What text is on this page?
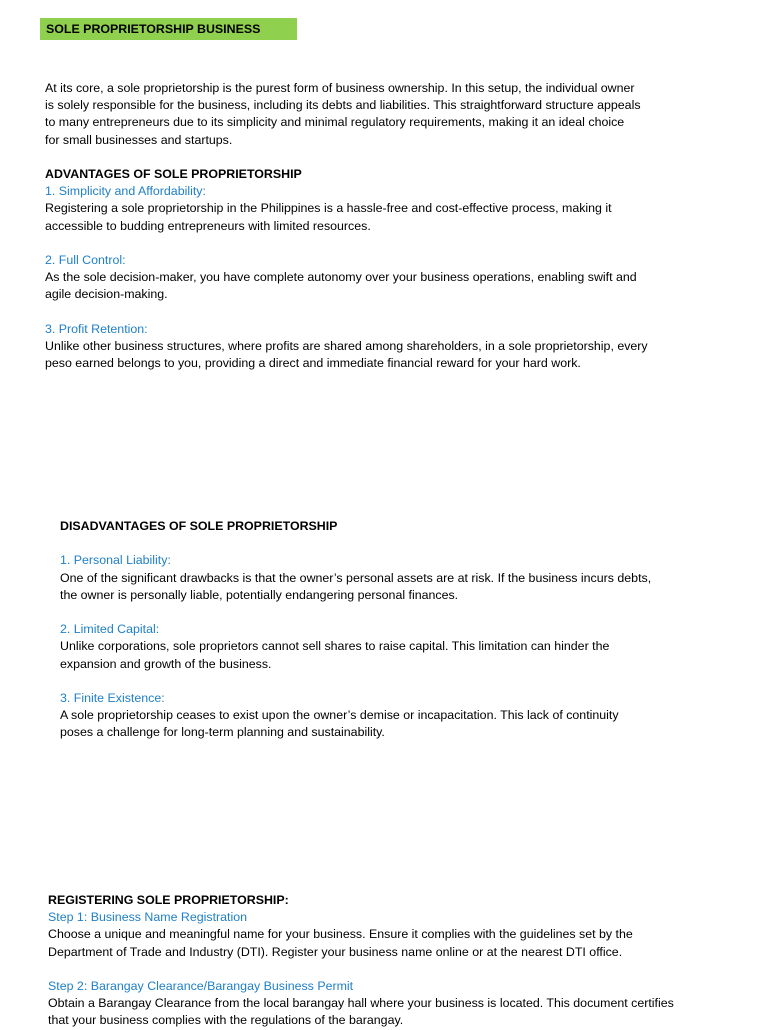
SOLE PROPRIETORSHIP BUSINESS
At its core, a sole proprietorship is the purest form of business ownership. In this setup, the individual owner
is solely responsible for the business, including its debts and liabilities. This straightforward structure appeals
to many entrepreneurs due to its simplicity and minimal regulatory requirements, making it an ideal choice
for small businesses and startups.
ADVANTAGES OF SOLE PROPRIETORSHIP
1. Simplicity and Affordability:
Registering a sole proprietorship in the Philippines is a hassle-free and cost-effective process, making it
accessible to budding entrepreneurs with limited resources.
2. Full Control:
As the sole decision-maker, you have complete autonomy over your business operations, enabling swift and
agile decision-making.
3. Profit Retention:
Unlike other business structures, where profits are shared among shareholders, in a sole proprietorship, every
peso earned belongs to you, providing a direct and immediate financial reward for your hard work.
DISADVANTAGES OF SOLE PROPRIETORSHIP
1. Personal Liability:
One of the significant drawbacks is that the owner’s personal assets are at risk. If the business incurs debts,
the owner is personally liable, potentially endangering personal finances.
2. Limited Capital:
Unlike corporations, sole proprietors cannot sell shares to raise capital. This limitation can hinder the
expansion and growth of the business.
3. Finite Existence:
A sole proprietorship ceases to exist upon the owner’s demise or incapacitation. This lack of continuity
poses a challenge for long-term planning and sustainability.
REGISTERING SOLE PROPRIETORSHIP:
Step 1: Business Name Registration
Choose a unique and meaningful name for your business. Ensure it complies with the guidelines set by the
Department of Trade and Industry (DTI). Register your business name online or at the nearest DTI office.
Step 2: Barangay Clearance/Barangay Business Permit
Obtain a Barangay Clearance from the local barangay hall where your business is located. This document certifies
that your business complies with the regulations of the barangay.
